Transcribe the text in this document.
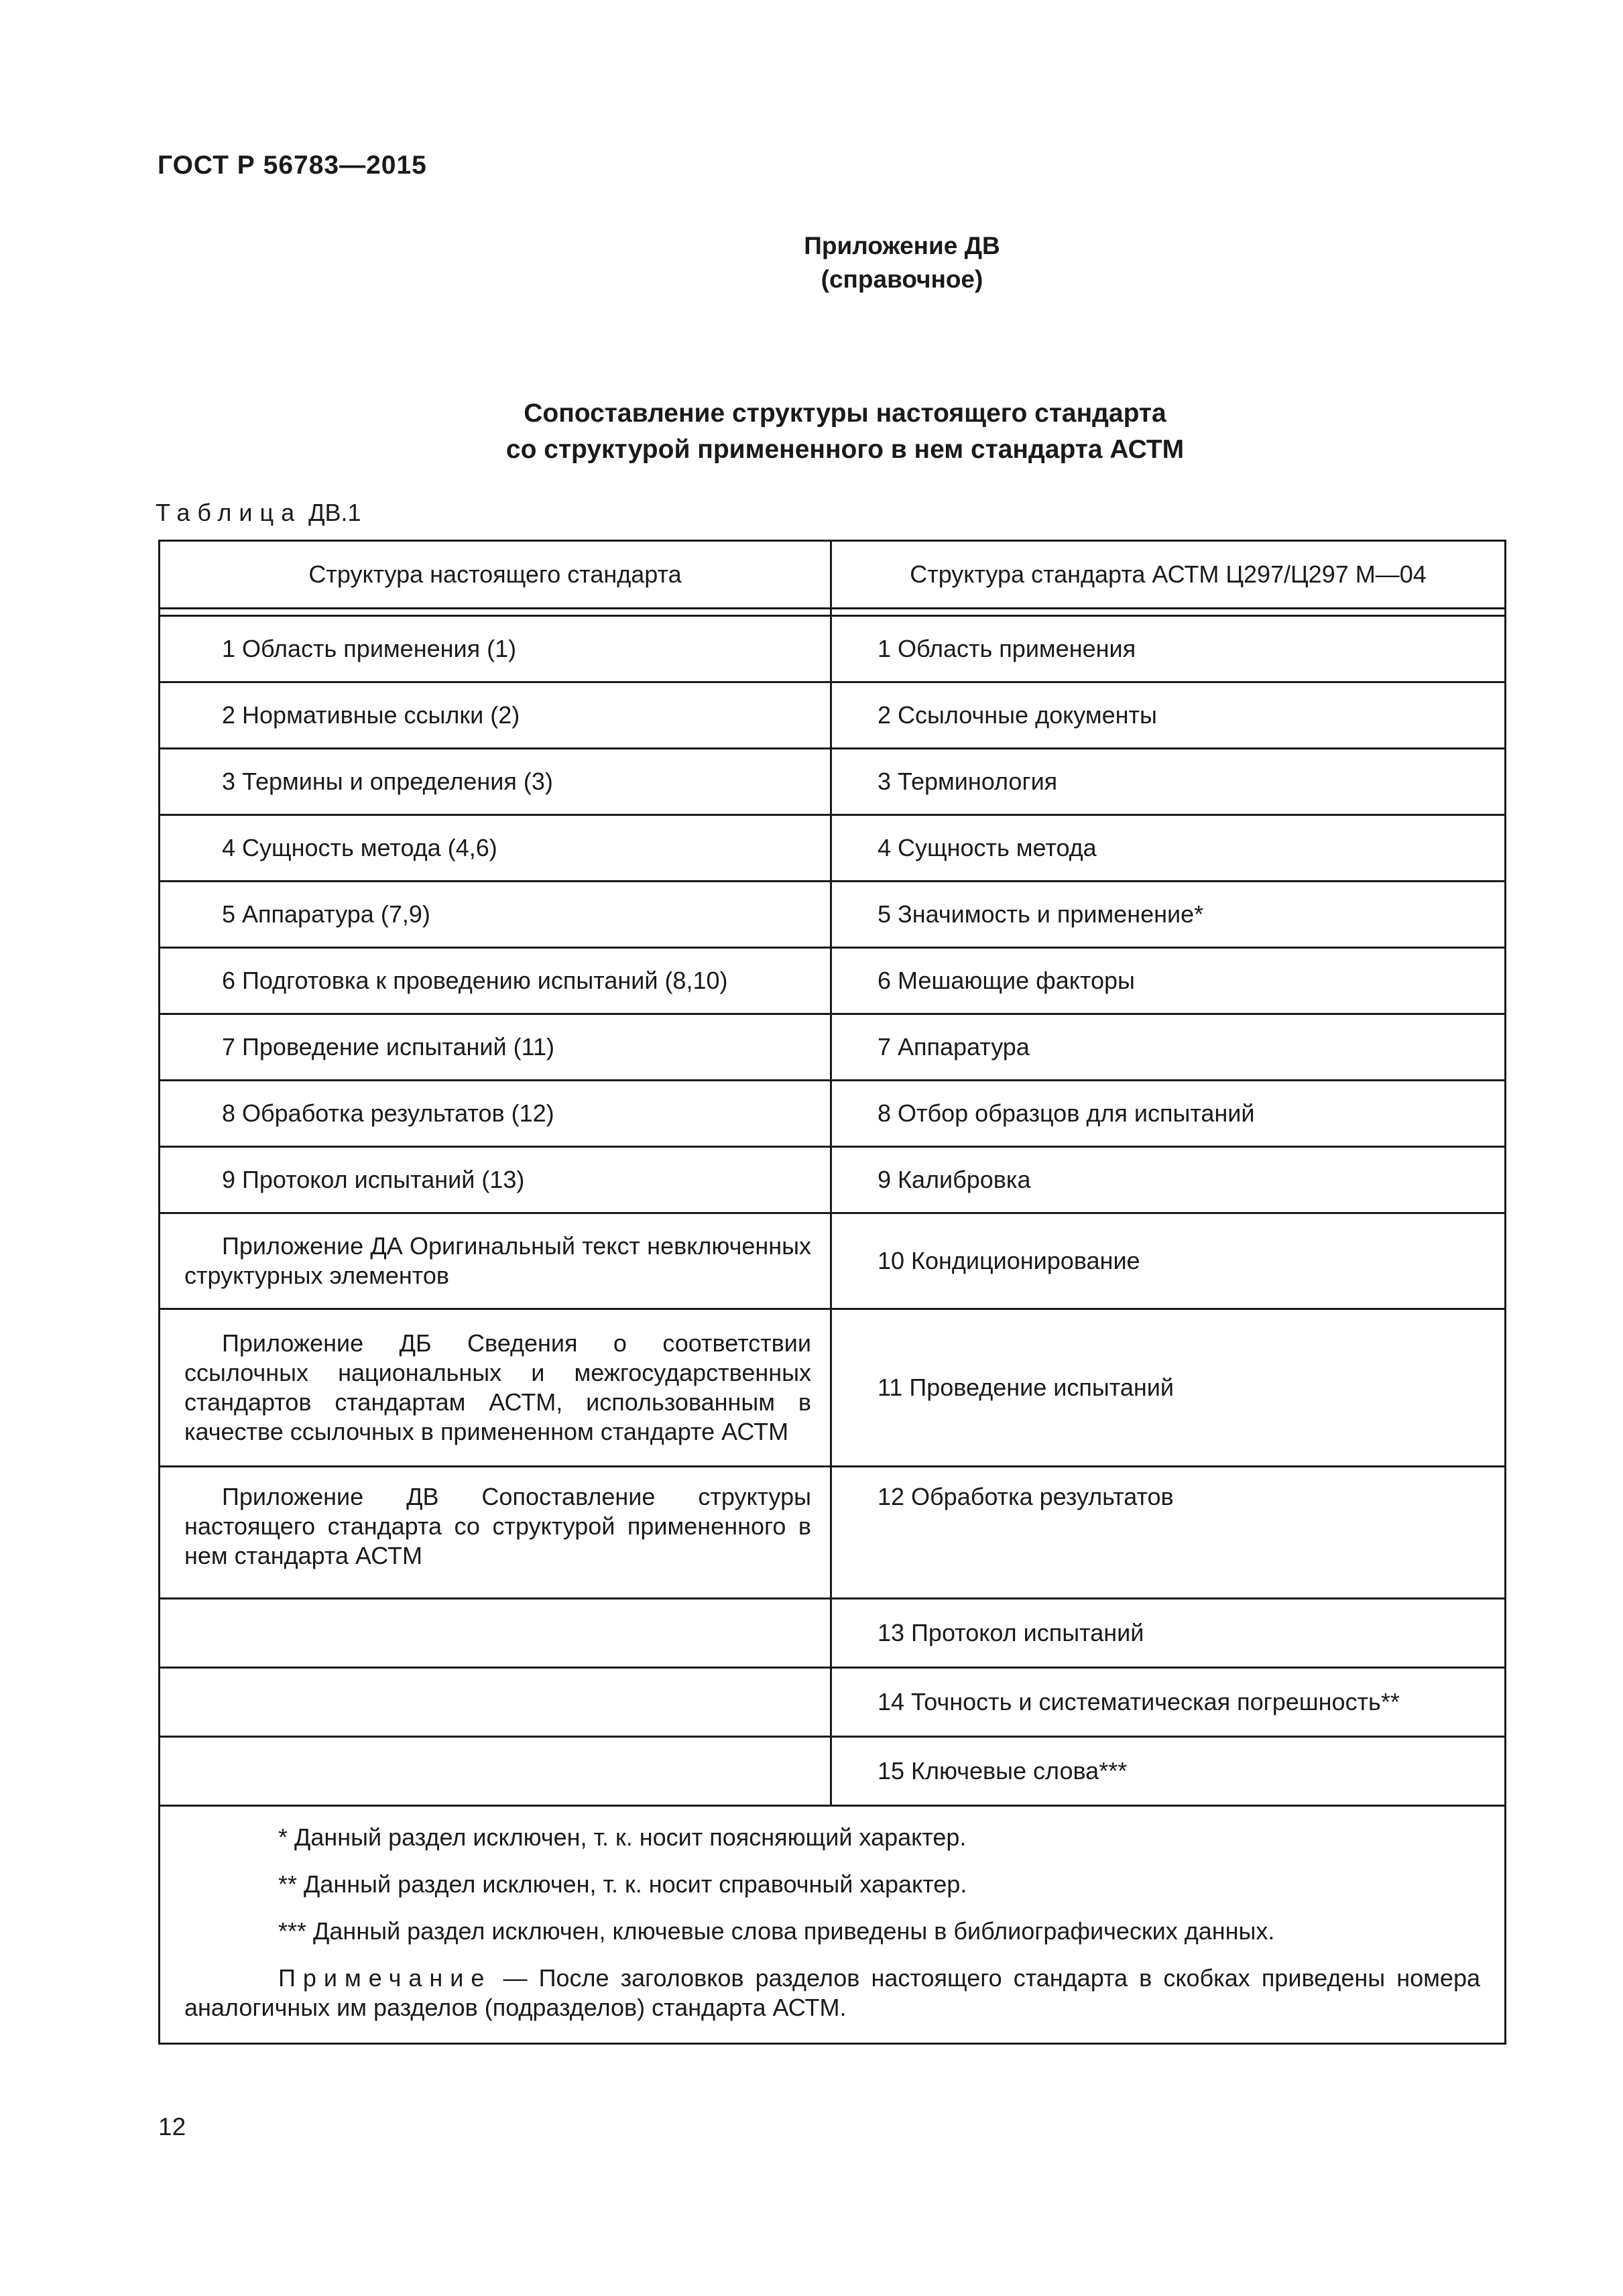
ГОСТ Р 56783—2015
Приложение ДВ
(справочное)
Сопоставление структуры настоящего стандарта
со структурой примененного в нем стандарта АСТМ
Таблица ДВ.1
Структура настоящего стандарта	Структура стандарта АСТМ Ц297/Ц297 М—04

1 Область применения (1)	1 Область применения
2 Нормативные ссылки (2)	2 Ссылочные документы
3 Термины и определения (3)	3 Терминология
4 Сущность метода (4,6)	4 Сущность метода
5 Аппаратура (7,9)	5 Значимость и применение*
6 Подготовка к проведению испытаний (8,10)	6 Мешающие факторы
7 Проведение испытаний (11)	7 Аппаратура
8 Обработка результатов (12)	8 Отбор образцов для испытаний
9 Протокол испытаний (13)	9 Калибровка

Приложение ДА Оригинальный текст невключенных структурных элементов	10 Кондиционирование

Приложение ДБ Сведения о соответствии ссылочных национальных и межгосударственных стандартов стандартам АСТМ, использованным в качестве ссылочных в примененном стандарте АСТМ	11 Проведение испытаний

Приложение ДВ Сопоставление структуры настоящего стандарта со структурой примененного в нем стандарта АСТМ	12 Обработка результатов
	13 Протокол испытаний
	14 Точность и систематическая погрешность**
	15 Ключевые слова***

* Данный раздел исключен, т. к. носит поясняющий характер.
** Данный раздел исключен, т. к. носит справочный характер.
*** Данный раздел исключен, ключевые слова приведены в библиографических данных.
Примечание — После заголовков разделов настоящего стандарта в скобках приведены номера аналогичных им разделов (подразделов) стандарта АСТМ.	
12
